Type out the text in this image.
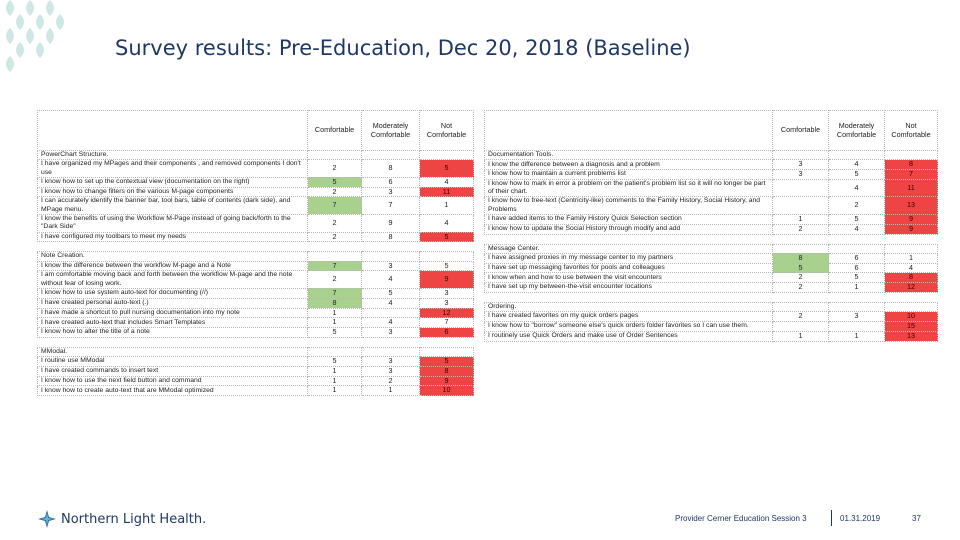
Survey results: Pre-Education, Dec 20, 2018 (Baseline)
	Comfortable	Moderately Comfortable	Not Comfortable
PowerChart Structure.			
I have organized my MPages and their components , and removed components I don't use	2	8	5
I know how to set up the contextual view (documentation on the right)	5	6	4
I know how to change filters on the various M-page components	2	3	11
I can accurately identify the banner bar, tool bars, table of contents (dark side), and MPage menu.	7	7	1
I know the benefits of using the Workflow M-Page instead of going back/forth to the "Dark Side"	2	9	4
I have configured my toolbars to meet my needs	2	8	5

Note Creation.			
I know the difference between the workflow M-page and a Note	7	3	5
I am comfortable moving back and forth between the workflow M-page and the note without fear of losing work.	2	4	9
I know how to use system auto-text for documenting (//)	7	5	3
I have created personal auto-text (.)	8	4	3
I have made a shortcut to pull nursing documentation into my note	1		12
I have created auto-text that includes Smart Templates	1	4	7
I know how to alter the title of a note	5	3	6

MModal.			
I routine use MModal	5	3	5
I have created commands to insert text	1	3	8
I know how to use the next field button and command	1	2	9
I know how to create auto-text that are MModal optimized	1	1	10
	Comfortable	Moderately Comfortable	Not Comfortable
Documentation Tools.			
I know the difference between a diagnosis and a problem	3	4	8
I know how to maintain a current problems list	3	5	7
I know how to mark in error a problem on the patient's problem list so it will no longer be part of their chart.		4	11
I know how to free-text (Centricity-like) comments to the Family History, Social History, and Problems		2	13
I have added items to the Family History Quick Selection section	1	5	9
I know how to update the Social History through modify and add	2	4	9

Message Center.			
I have assigned proxies in my message center to my partners	8	6	1
I have set up messaging favorites for pools and colleagues	5	6	4
I know when and how to use between the visit encounters	2	5	8
I have set up my between-the-visit encounter locations	2	1	12

Ordering.			
I have created favorites on my quick orders pages	2	3	10
I know how to "borrow" someone else's quick orders folder favorites so I can use them.			15
I routinely use Quick Orders and make use of Order Sentences	1	1	13
Northern Light Health.	Provider Cerner Education Session 3	01.31.2019	37
